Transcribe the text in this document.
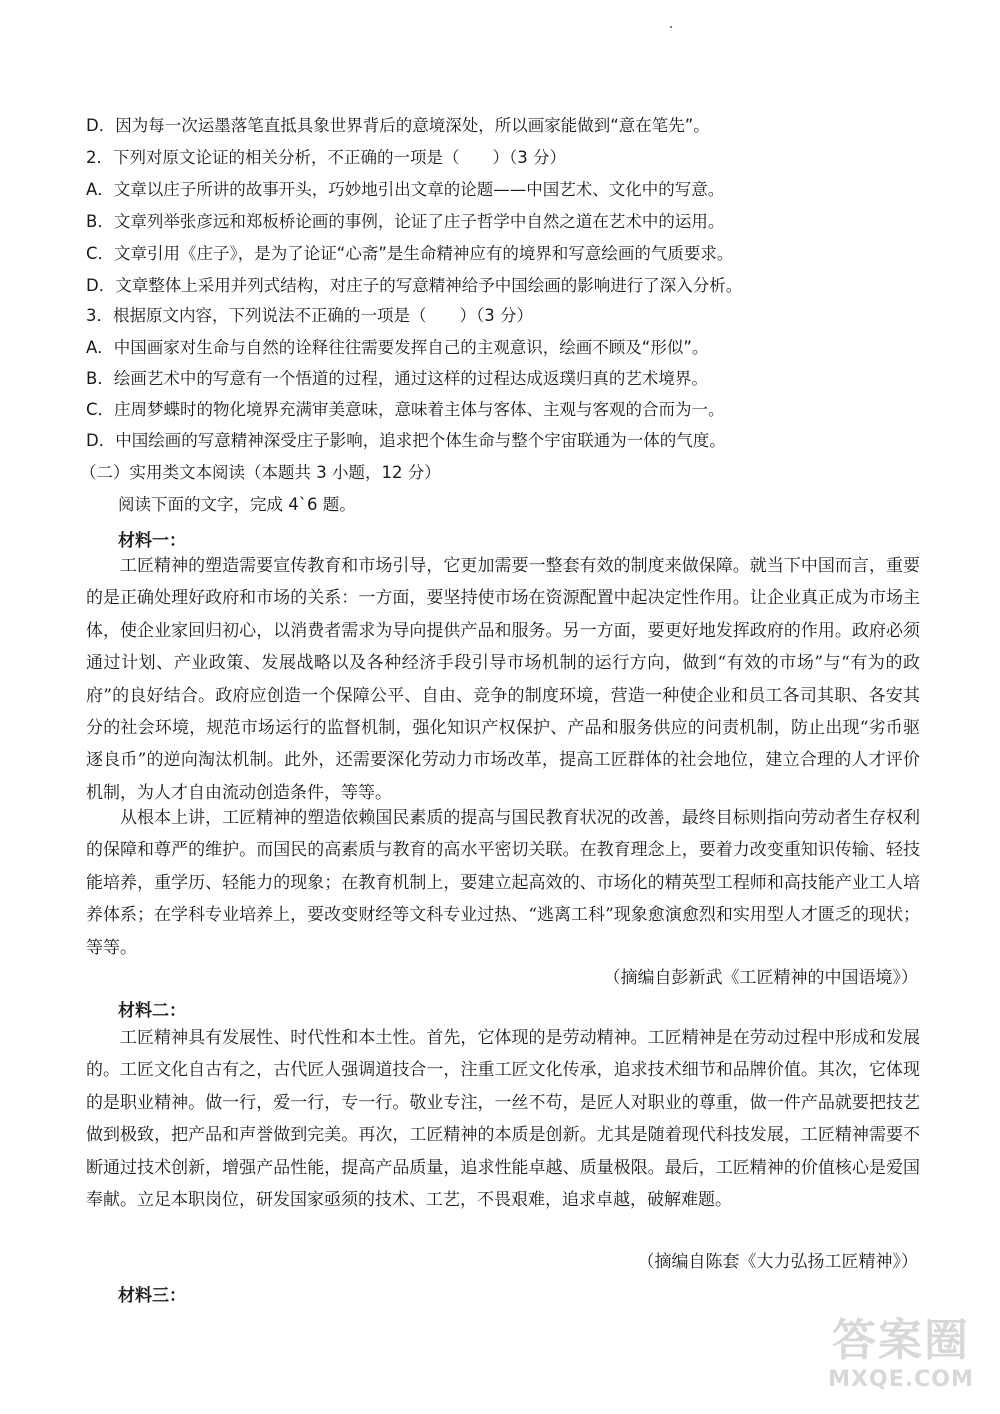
D．因为每一次运墨落笔直抵具象世界背后的意境深处，所以画家能做到“意在笔先”。
2．下列对原文论证的相关分析，不正确的一项是（　　）（3 分）
A．文章以庄子所讲的故事开头，巧妙地引出文章的论题——中国艺术、文化中的写意。
B．文章列举张彦远和郑板桥论画的事例，论证了庄子哲学中自然之道在艺术中的运用。
C．文章引用《庄子》，是为了论证“心斋”是生命精神应有的境界和写意绘画的气质要求。
D．文章整体上采用并列式结构，对庄子的写意精神给予中国绘画的影响进行了深入分析。
3．根据原文内容，下列说法不正确的一项是（　　）（3 分）
A．中国画家对生命与自然的诠释往往需要发挥自己的主观意识，绘画不顾及“形似”。
B．绘画艺术中的写意有一个悟道的过程，通过这样的过程达成返璞归真的艺术境界。
C．庄周梦蝶时的物化境界充满审美意味，意味着主体与客体、主观与客观的合而为一。
D．中国绘画的写意精神深受庄子影响，追求把个体生命与整个宇宙联通为一体的气度。
（二）实用类文本阅读（本题共 3 小题，12 分）
阅读下面的文字，完成 4`6 题。
材料一：
工匠精神的塑造需要宣传教育和市场引导，它更加需要一整套有效的制度来做保障。就当下中国而言，重要的是正确处理好政府和市场的关系：一方面，要坚持使市场在资源配置中起决定性作用。让企业真正成为市场主体，使企业家回归初心，以消费者需求为导向提供产品和服务。另一方面，要更好地发挥政府的作用。政府必须通过计划、产业政策、发展战略以及各种经济手段引导市场机制的运行方向，做到“有效的市场”与“有为的政府”的良好结合。政府应创造一个保障公平、自由、竞争的制度环境，营造一种使企业和员工各司其职、各安其分的社会环境，规范市场运行的监督机制，强化知识产权保护、产品和服务供应的问责机制，防止出现“劣币驱逐良币”的逆向淘汰机制。此外，还需要深化劳动力市场改革，提高工匠群体的社会地位，建立合理的人才评价机制，为人才自由流动创造条件，等等。
从根本上讲，工匠精神的塑造依赖国民素质的提高与国民教育状况的改善，最终目标则指向劳动者生存权利的保障和尊严的维护。而国民的高素质与教育的高水平密切关联。在教育理念上，要着力改变重知识传输、轻技能培养，重学历、轻能力的现象；在教育机制上，要建立起高效的、市场化的精英型工程师和高技能产业工人培养体系；在学科专业培养上，要改变财经等文科专业过热、“逃离工科”现象愈演愈烈和实用型人才匮乏的现状；等等。
（摘编自彭新武《工匠精神的中国语境》）
材料二：
工匠精神具有发展性、时代性和本土性。首先，它体现的是劳动精神。工匠精神是在劳动过程中形成和发展的。工匠文化自古有之，古代匠人强调道技合一，注重工匠文化传承，追求技术细节和品牌价值。其次，它体现的是职业精神。做一行，爱一行，专一行。敬业专注，一丝不苟，是匠人对职业的尊重，做一件产品就要把技艺做到极致，把产品和声誉做到完美。再次，工匠精神的本质是创新。尤其是随着现代科技发展，工匠精神需要不断通过技术创新，增强产品性能，提高产品质量，追求性能卓越、质量极限。最后，工匠精神的价值核心是爱国奉献。立足本职岗位，研发国家亟须的技术、工艺，不畏艰难，追求卓越，破解难题。
（摘编自陈套《大力弘扬工匠精神》）
材料三：
答案圈
MXQE.COM
